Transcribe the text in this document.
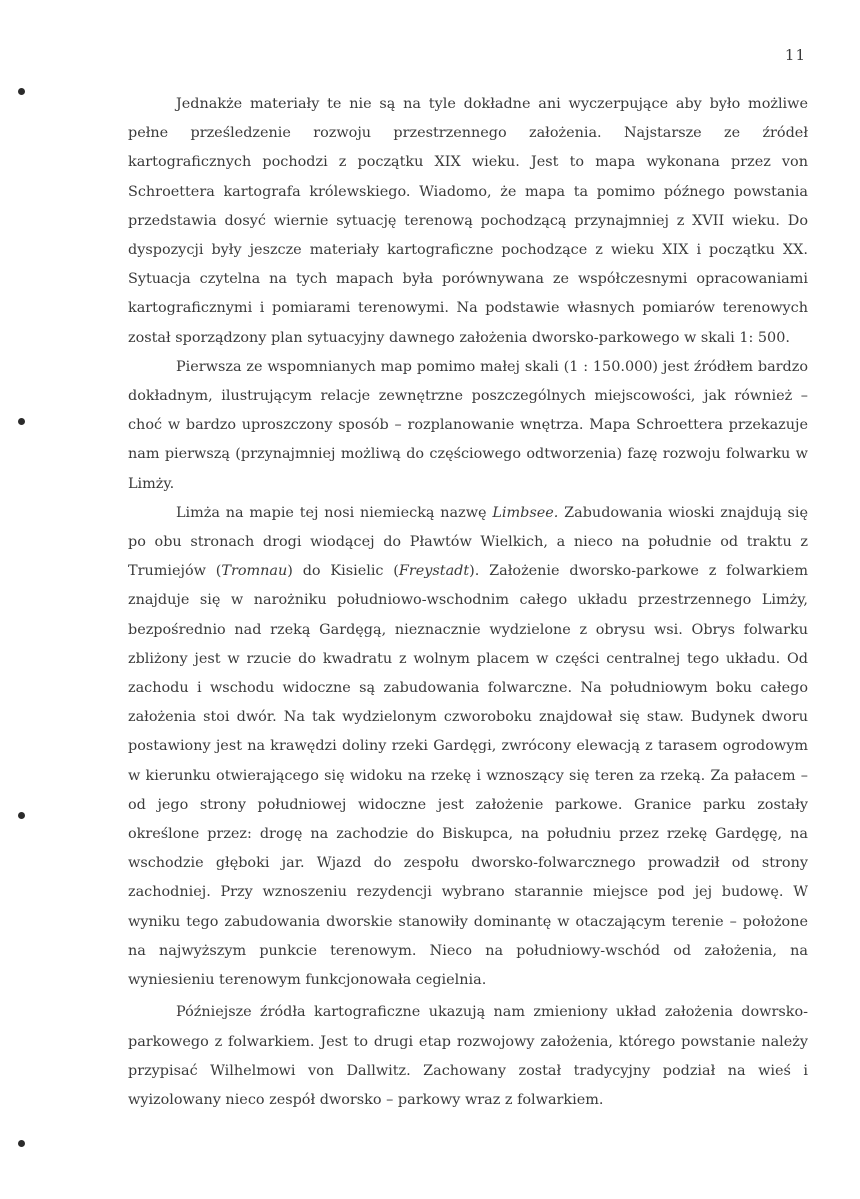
11

Jednakże materiały te nie są na tyle dokładne ani wyczerpujące aby było możliwe pełne prześledzenie rozwoju przestrzennego założenia. Najstarsze ze źródeł kartograficznych pochodzi z początku XIX wieku. Jest to mapa wykonana przez von Schroettera kartografa królewskiego. Wiadomo, że mapa ta pomimo późnego powstania przedstawia dosyć wiernie sytuację terenową pochodzącą przynajmniej z XVII wieku. Do dyspozycji były jeszcze materiały kartograficzne pochodzące z wieku XIX i początku XX. Sytuacja czytelna na tych mapach była porównywana ze współczesnymi opracowaniami kartograficznymi i pomiarami terenowymi. Na podstawie własnych pomiarów terenowych został sporządzony plan sytuacyjny dawnego założenia dworsko-parkowego w skali 1: 500.

Pierwsza ze wspomnianych map pomimo małej skali (1 : 150.000) jest źródłem bardzo dokładnym, ilustrującym relacje zewnętrzne poszczególnych miejscowości, jak również – choć w bardzo uproszczony sposób – rozplanowanie wnętrza. Mapa Schroettera przekazuje nam pierwszą (przynajmniej możliwą do częściowego odtworzenia) fazę rozwoju folwarku w Limży.

Limża na mapie tej nosi niemiecką nazwę Limbsee. Zabudowania wioski znajdują się po obu stronach drogi wiodącej do Pławtów Wielkich, a nieco na południe od traktu z Trumiejów (Tromnau) do Kisielic (Freystadt). Założenie dworsko-parkowe z folwarkiem znajduje się w narożniku południowo-wschodnim całego układu przestrzennego Limży, bezpośrednio nad rzeką Gardęgą, nieznacznie wydzielone z obrysu wsi. Obrys folwarku zbliżony jest w rzucie do kwadratu z wolnym placem w części centralnej tego układu. Od zachodu i wschodu widoczne są zabudowania folwarczne. Na południowym boku całego założenia stoi dwór. Na tak wydzielonym czworoboku znajdował się staw. Budynek dworu postawiony jest na krawędzi doliny rzeki Gardęgi, zwrócony elewacją z tarasem ogrodowym w kierunku otwierającego się widoku na rzekę i wznoszący się teren za rzeką. Za pałacem – od jego strony południowej widoczne jest założenie parkowe. Granice parku zostały określone przez: drogę na zachodzie do Biskupca, na południu przez rzekę Gardęgę, na wschodzie głęboki jar. Wjazd do zespołu dworsko-folwarcznego prowadził od strony zachodniej. Przy wznoszeniu rezydencji wybrano starannie miejsce pod jej budowę. W wyniku tego zabudowania dworskie stanowiły dominantę w otaczającym terenie – położone na najwyższym punkcie terenowym. Nieco na południowy-wschód od założenia, na wyniesieniu terenowym funkcjonowała cegielnia.

Późniejsze źródła kartograficzne ukazują nam zmieniony układ założenia dowrsko-parkowego z folwarkiem. Jest to drugi etap rozwojowy założenia, którego powstanie należy przypisać Wilhelmowi von Dallwitz. Zachowany został tradycyjny podział na wieś i wyizolowany nieco zespół dworsko – parkowy wraz z folwarkiem.
